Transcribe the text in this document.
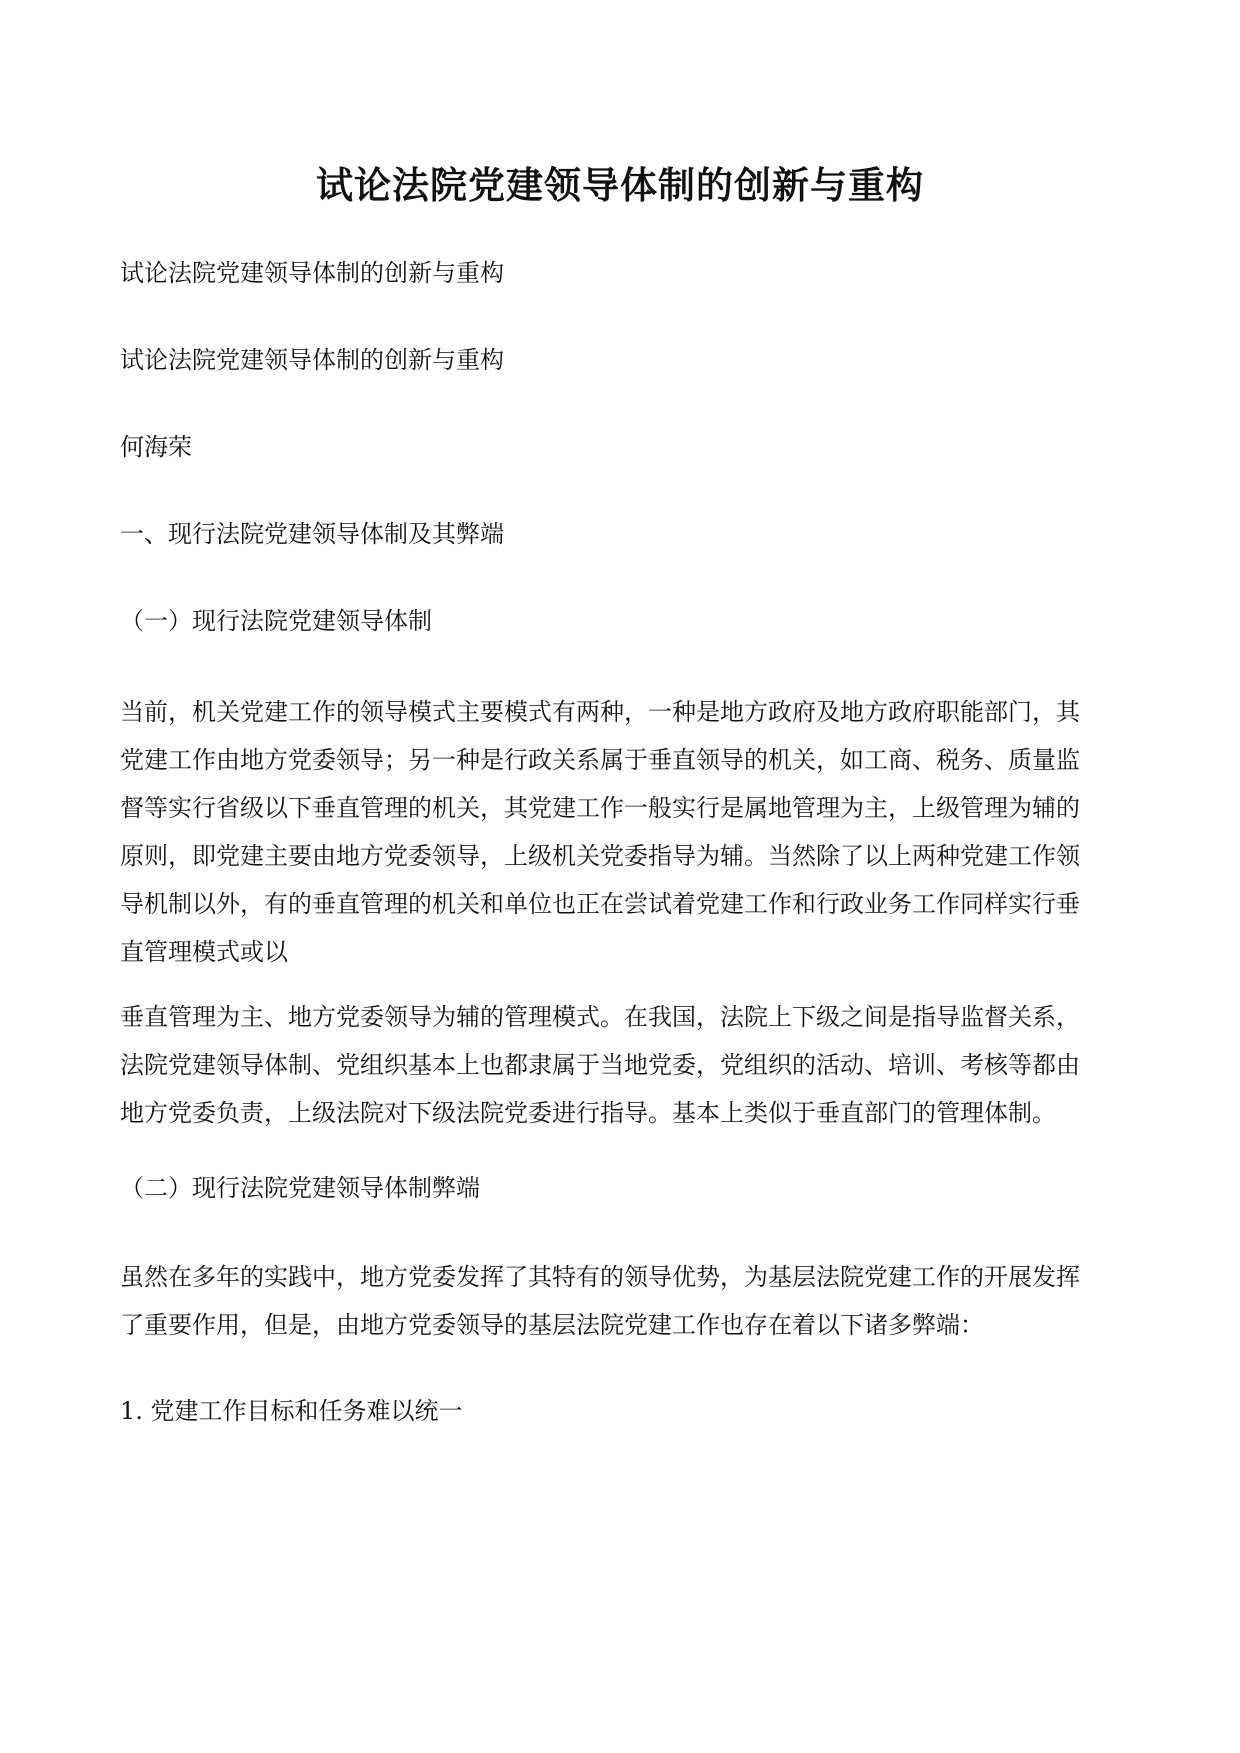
试论法院党建领导体制的创新与重构

试论法院党建领导体制的创新与重构

试论法院党建领导体制的创新与重构

何海荣

一、现行法院党建领导体制及其弊端

（一）现行法院党建领导体制

当前，机关党建工作的领导模式主要模式有两种，一种是地方政府及地方政府职能部门，其
党建工作由地方党委领导；另一种是行政关系属于垂直领导的机关，如工商、税务、质量监
督等实行省级以下垂直管理的机关，其党建工作一般实行是属地管理为主，上级管理为辅的
原则，即党建主要由地方党委领导，上级机关党委指导为辅。当然除了以上两种党建工作领
导机制以外，有的垂直管理的机关和单位也正在尝试着党建工作和行政业务工作同样实行垂
直管理模式或以
垂直管理为主、地方党委领导为辅的管理模式。在我国，法院上下级之间是指导监督关系，
法院党建领导体制、党组织基本上也都隶属于当地党委，党组织的活动、培训、考核等都由
地方党委负责，上级法院对下级法院党委进行指导。基本上类似于垂直部门的管理体制。

（二）现行法院党建领导体制弊端

虽然在多年的实践中，地方党委发挥了其特有的领导优势，为基层法院党建工作的开展发挥
了重要作用，但是，由地方党委领导的基层法院党建工作也存在着以下诸多弊端：

1. 党建工作目标和任务难以统一
